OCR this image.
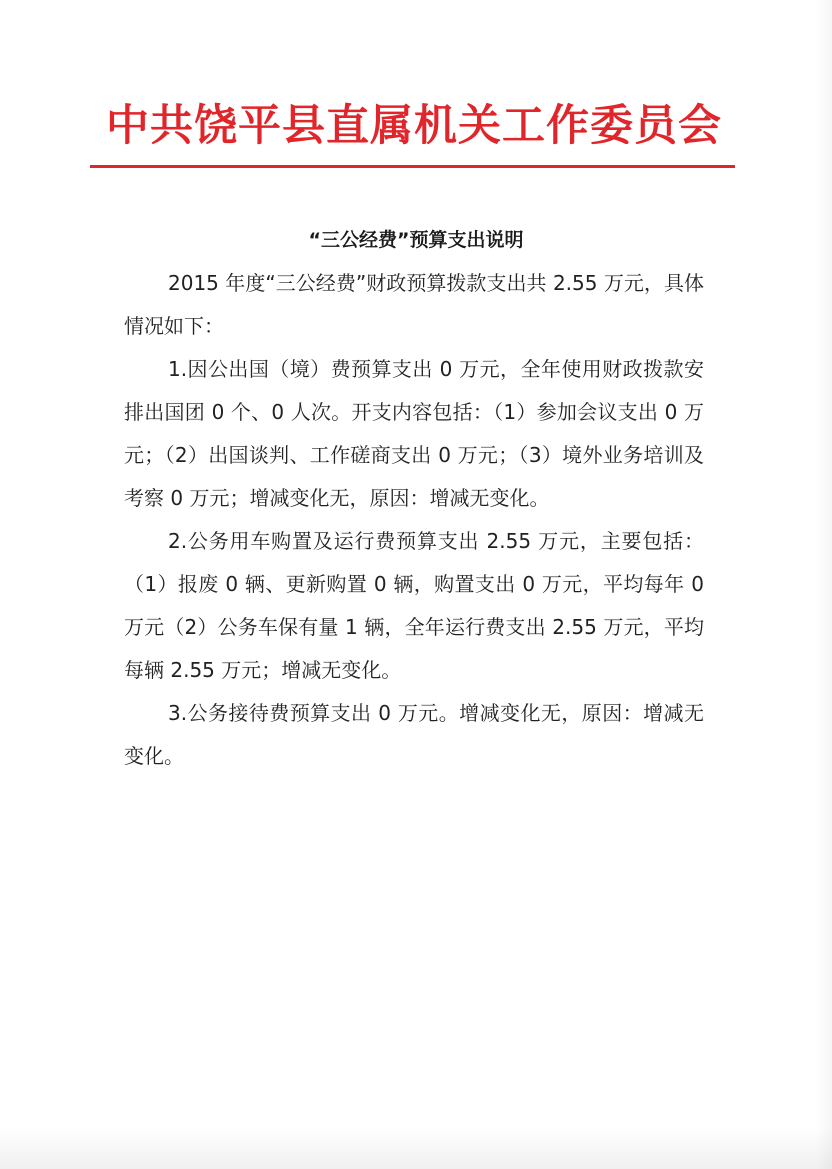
中共饶平县直属机关工作委员会
“三公经费”预算支出说明

2015 年度“三公经费”财政预算拨款支出共 2.55 万元，具体情况如下：

1.因公出国（境）费预算支出 0 万元，全年使用财政拨款安排出国团 0 个、0 人次。开支内容包括：（1）参加会议支出 0 万元；（2）出国谈判、工作磋商支出 0 万元；（3）境外业务培训及考察 0 万元；增减变化无，原因：增减无变化。

2.公务用车购置及运行费预算支出 2.55 万元，主要包括：（1）报废 0 辆、更新购置 0 辆，购置支出 0 万元，平均每年 0 万元（2）公务车保有量 1 辆，全年运行费支出 2.55 万元，平均每辆 2.55 万元；增减无变化。

3.公务接待费预算支出 0 万元。增减变化无，原因：增减无变化。
